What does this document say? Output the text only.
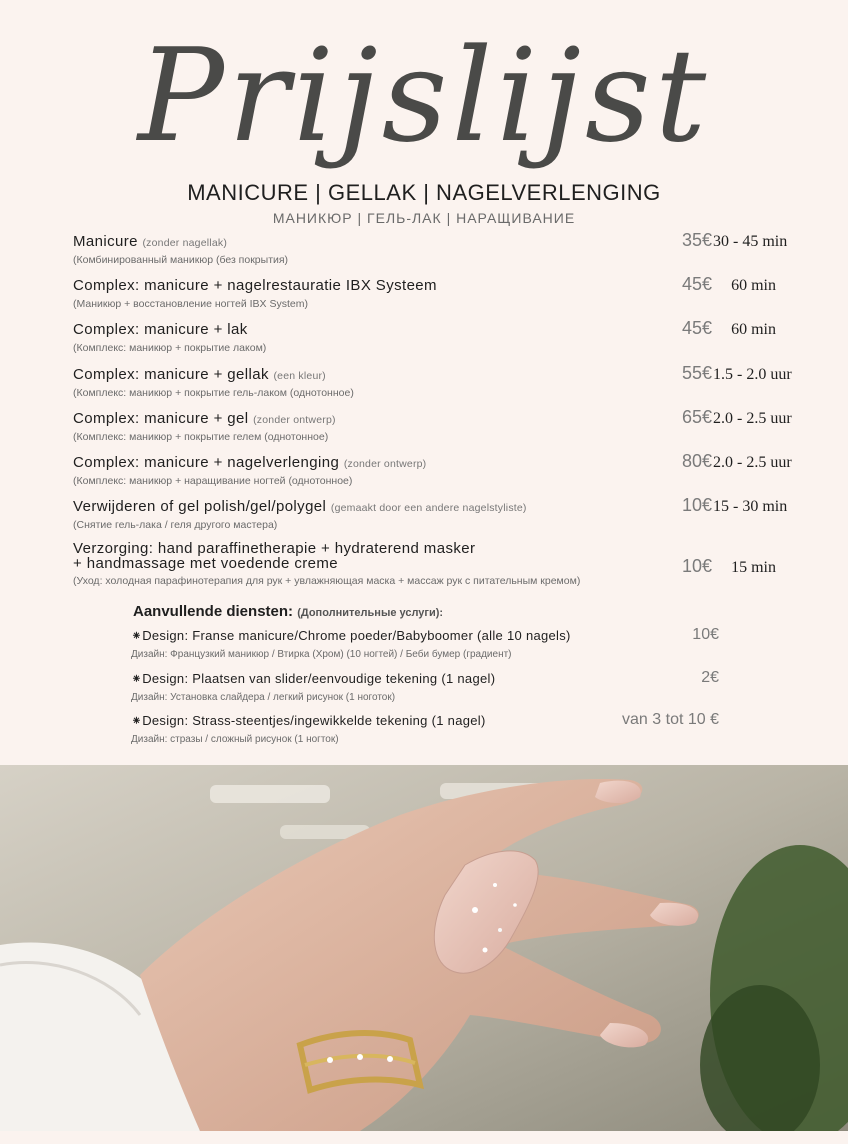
Prijslijst
MANICURE | GELLAK | NAGELVERLENGING
МАНИКЮР | ГЕЛЬ-ЛАК | НАРАЩИВАНИЕ
Manicure (zonder nagellak)
(Комбинированный маникюр (без покрытия)
35€ 30 - 45 min
Complex: manicure + nagelrestauratie IBX Systeem
(Маникюр + восстановление ногтей IBX System)
45€	60 min
Complex: manicure + lak
(Комплекс: маникюр + покрытие лаком)
45€	60 min
Complex: manicure + gellak (een kleur)
(Комплекс: маникюр + покрытие гель-лаком (однотонное)
55€ 1.5 - 2.0 uur
Complex: manicure + gel (zonder ontwerp)
(Комплекс: маникюр + покрытие гелем (однотонное)
65€ 2.0 - 2.5 uur
Complex: manicure + nagelverlenging (zonder ontwerp)
(Комплекс: маникюр + наращивание ногтей (однотонное)
80€ 2.0 - 2.5 uur
Verwijderen of gel polish/gel/polygel (gemaakt door een andere nagelstyliste)
(Снятие гель-лака / геля другого мастера)
10€ 15 - 30 min
Verzorging: hand paraffinetherapie + hydraterend masker
+ handmassage met voedende creme
(Уход: холодная парафинотерапия для рук + увлажняющая маска + массаж рук с питательным кремом)
10€	15 min
Aanvullende diensten: (Дополнительные услуги):
⁕Design: Franse manicure/Chrome poeder/Babyboomer (alle 10 nagels)
Дизайн: Французкий маникюр / Втирка (Хром) (10 ногтей) / Беби бумер (градиент)
10€
⁕Design: Plaatsen van slider/eenvoudige tekening (1 nagel)
Дизайн: Установка слайдера / легкий рисунок (1 ноготок)
2€
⁕Design: Strass-steentjes/ingewikkelde tekening (1 nagel)
Дизайн: стразы / сложный рисунок (1 ногток)
van 3 tot 10 €
